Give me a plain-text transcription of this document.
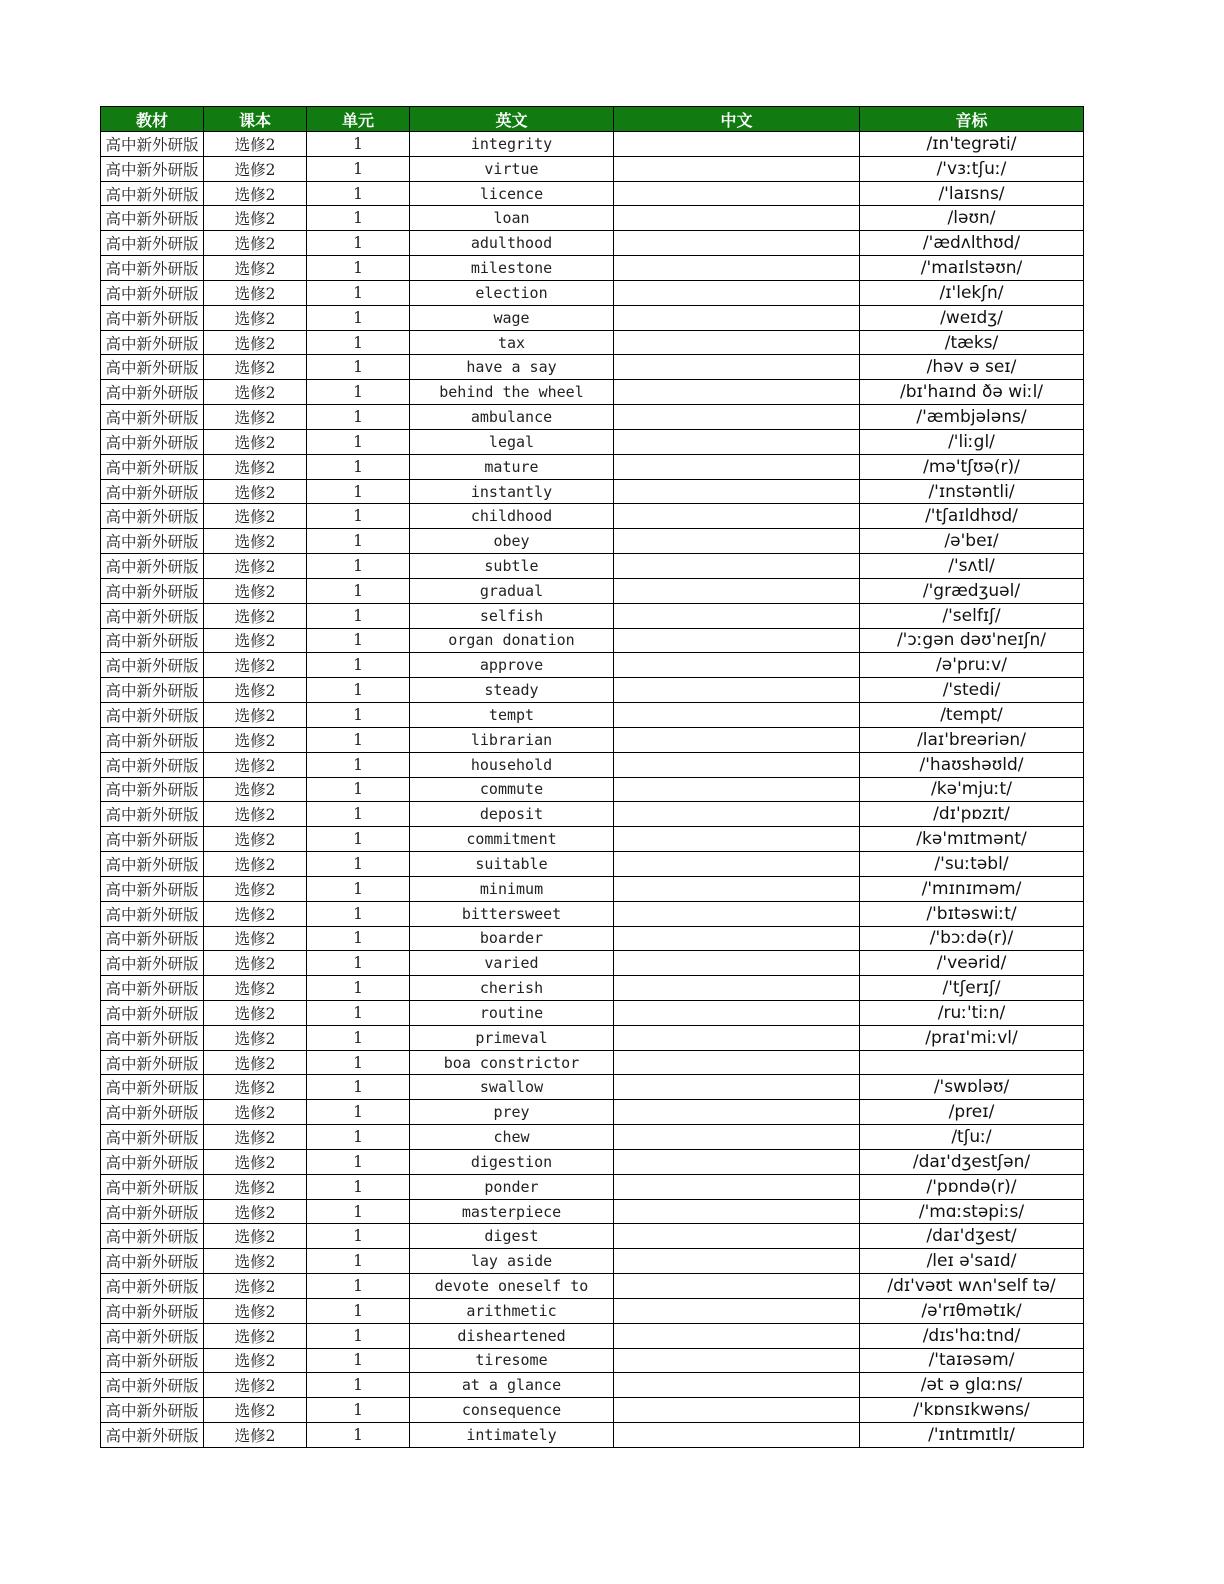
教材	课本	单元	英文	中文	音标
高中新外研版	选修2	1	integrity		/ɪn'tegrəti/
高中新外研版	选修2	1	virtue		/'vɜːtʃuː/
高中新外研版	选修2	1	licence		/'laɪsns/
高中新外研版	选修2	1	loan		/ləʊn/
高中新外研版	选修2	1	adulthood		/'ædʌlthʊd/
高中新外研版	选修2	1	milestone		/'maɪlstəʊn/
高中新外研版	选修2	1	election		/ɪ'lekʃn/
高中新外研版	选修2	1	wage		/weɪdʒ/
高中新外研版	选修2	1	tax		/tæks/
高中新外研版	选修2	1	have a say		/həv ə seɪ/
高中新外研版	选修2	1	behind the wheel		/bɪ'haɪnd ðə wiːl/
高中新外研版	选修2	1	ambulance		/'æmbjələns/
高中新外研版	选修2	1	legal		/'liːgl/
高中新外研版	选修2	1	mature		/mə'tʃʊə(r)/
高中新外研版	选修2	1	instantly		/'ɪnstəntli/
高中新外研版	选修2	1	childhood		/'tʃaɪldhʊd/
高中新外研版	选修2	1	obey		/ə'beɪ/
高中新外研版	选修2	1	subtle		/'sʌtl/
高中新外研版	选修2	1	gradual		/'grædʒuəl/
高中新外研版	选修2	1	selfish		/'selfɪʃ/
高中新外研版	选修2	1	organ donation		/'ɔːgən dəʊ'neɪʃn/
高中新外研版	选修2	1	approve		/ə'pruːv/
高中新外研版	选修2	1	steady		/'stedi/
高中新外研版	选修2	1	tempt		/tempt/
高中新外研版	选修2	1	librarian		/laɪ'breəriən/
高中新外研版	选修2	1	household		/'haʊshəʊld/
高中新外研版	选修2	1	commute		/kə'mjuːt/
高中新外研版	选修2	1	deposit		/dɪ'pɒzɪt/
高中新外研版	选修2	1	commitment		/kə'mɪtmənt/
高中新外研版	选修2	1	suitable		/'suːtəbl/
高中新外研版	选修2	1	minimum		/'mɪnɪməm/
高中新外研版	选修2	1	bittersweet		/'bɪtəswiːt/
高中新外研版	选修2	1	boarder		/'bɔːdə(r)/
高中新外研版	选修2	1	varied		/'veərid/
高中新外研版	选修2	1	cherish		/'tʃerɪʃ/
高中新外研版	选修2	1	routine		/ruː'tiːn/
高中新外研版	选修2	1	primeval		/praɪ'miːvl/
高中新外研版	选修2	1	boa constrictor		
高中新外研版	选修2	1	swallow		/'swɒləʊ/
高中新外研版	选修2	1	prey		/preɪ/
高中新外研版	选修2	1	chew		/tʃuː/
高中新外研版	选修2	1	digestion		/daɪ'dʒestʃən/
高中新外研版	选修2	1	ponder		/'pɒndə(r)/
高中新外研版	选修2	1	masterpiece		/'mɑːstəpiːs/
高中新外研版	选修2	1	digest		/daɪ'dʒest/
高中新外研版	选修2	1	lay aside		/leɪ ə'saɪd/
高中新外研版	选修2	1	devote oneself to		/dɪ'vəʊt wʌn'self tə/
高中新外研版	选修2	1	arithmetic		/ə'rɪθmətɪk/
高中新外研版	选修2	1	disheartened		/dɪs'hɑːtnd/
高中新外研版	选修2	1	tiresome		/'taɪəsəm/
高中新外研版	选修2	1	at a glance		/ət ə glɑːns/
高中新外研版	选修2	1	consequence		/'kɒnsɪkwəns/
高中新外研版	选修2	1	intimately		/'ɪntɪmɪtlɪ/
